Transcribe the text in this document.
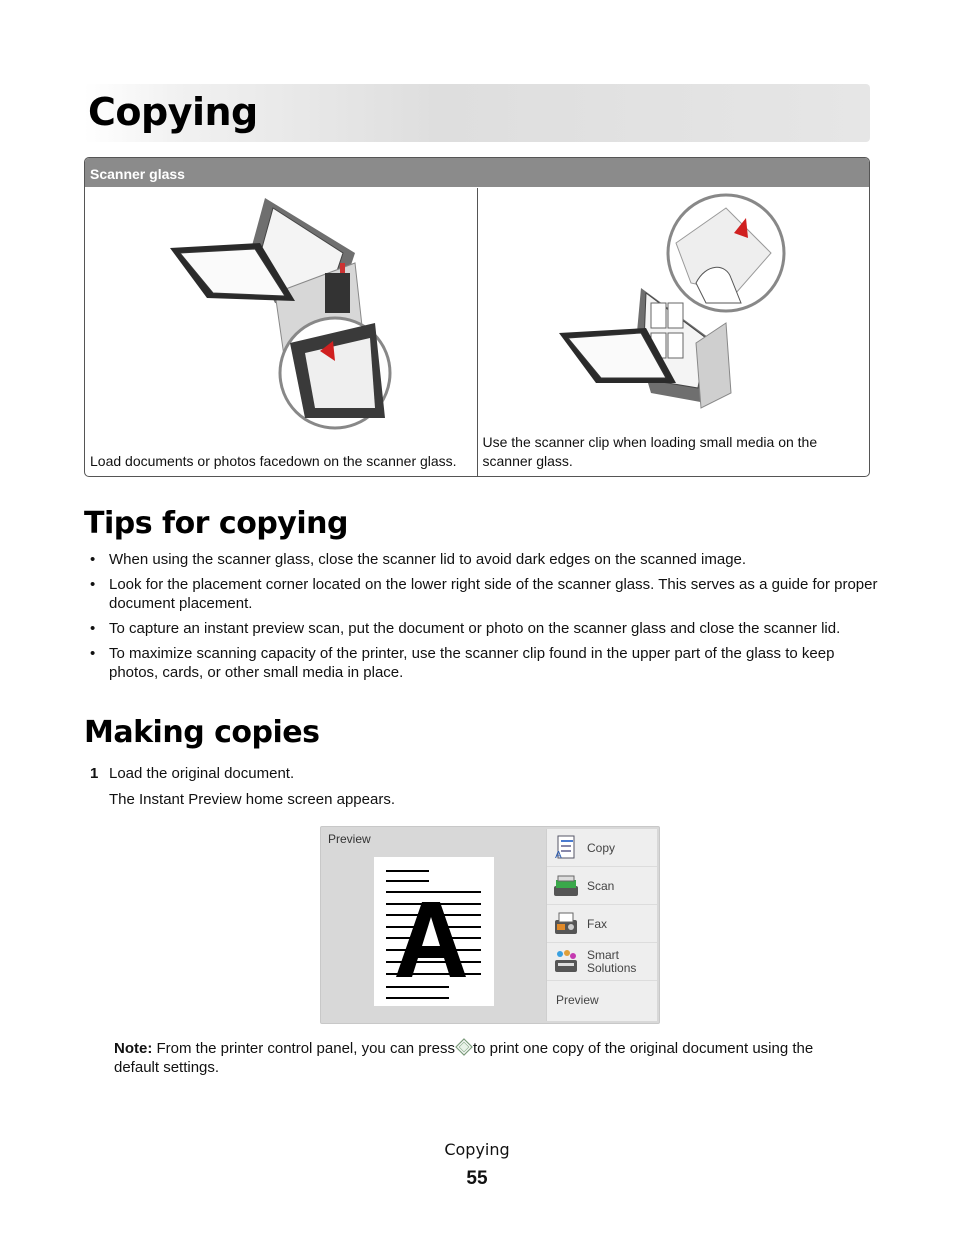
Copying
Scanner glass
Load documents or photos facedown on the scanner glass.
Use the scanner clip when loading small media on the scanner glass.
Tips for copying
• When using the scanner glass, close the scanner lid to avoid dark edges on the scanned image.
• Look for the placement corner located on the lower right side of the scanner glass. This serves as a guide for proper document placement.
• To capture an instant preview scan, put the document or photo on the scanner glass and close the scanner lid.
• To maximize scanning capacity of the printer, use the scanner clip found in the upper part of the glass to keep photos, cards, or other small media in place.
Making copies
1 Load the original document.
The Instant Preview home screen appears.
Preview
A
Copy
Scan
Fax
Smart Solutions
Preview
Note: From the printer control panel, you can press to print one copy of the original document using the default settings.
Copying
55
